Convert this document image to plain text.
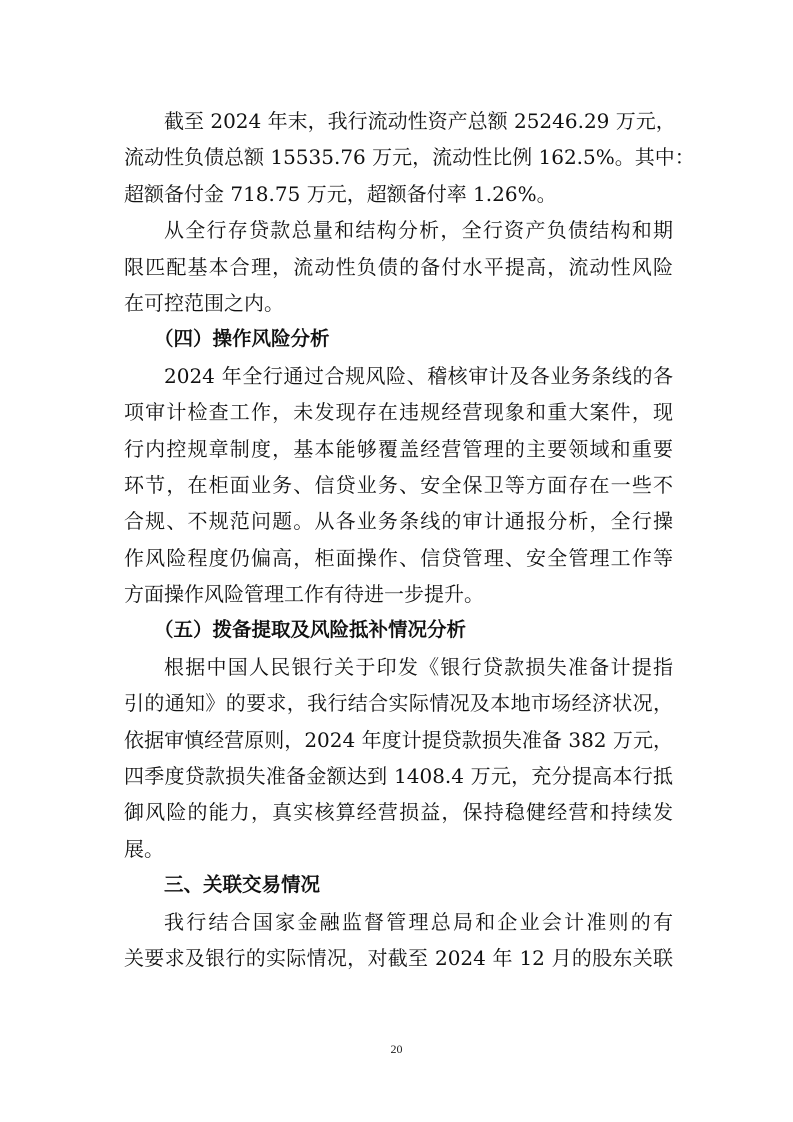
截至 2024 年末，我行流动性资产总额 25246.29 万元，
流动性负债总额 15535.76 万元，流动性比例 162.5%。其中：
超额备付金 718.75 万元，超额备付率 1.26%。
从全行存贷款总量和结构分析，全行资产负债结构和期
限匹配基本合理，流动性负债的备付水平提高，流动性风险
在可控范围之内。
（四）操作风险分析
2024 年全行通过合规风险、稽核审计及各业务条线的各
项审计检查工作，未发现存在违规经营现象和重大案件，现
行内控规章制度，基本能够覆盖经营管理的主要领域和重要
环节，在柜面业务、信贷业务、安全保卫等方面存在一些不
合规、不规范问题。从各业务条线的审计通报分析，全行操
作风险程度仍偏高，柜面操作、信贷管理、安全管理工作等
方面操作风险管理工作有待进一步提升。
（五）拨备提取及风险抵补情况分析
根据中国人民银行关于印发《银行贷款损失准备计提指
引的通知》的要求，我行结合实际情况及本地市场经济状况，
依据审慎经营原则，2024 年度计提贷款损失准备 382 万元，
四季度贷款损失准备金额达到 1408.4 万元，充分提高本行抵
御风险的能力，真实核算经营损益，保持稳健经营和持续发
展。
三、关联交易情况
我行结合国家金融监督管理总局和企业会计准则的有
关要求及银行的实际情况，对截至 2024 年 12 月的股东关联
20
